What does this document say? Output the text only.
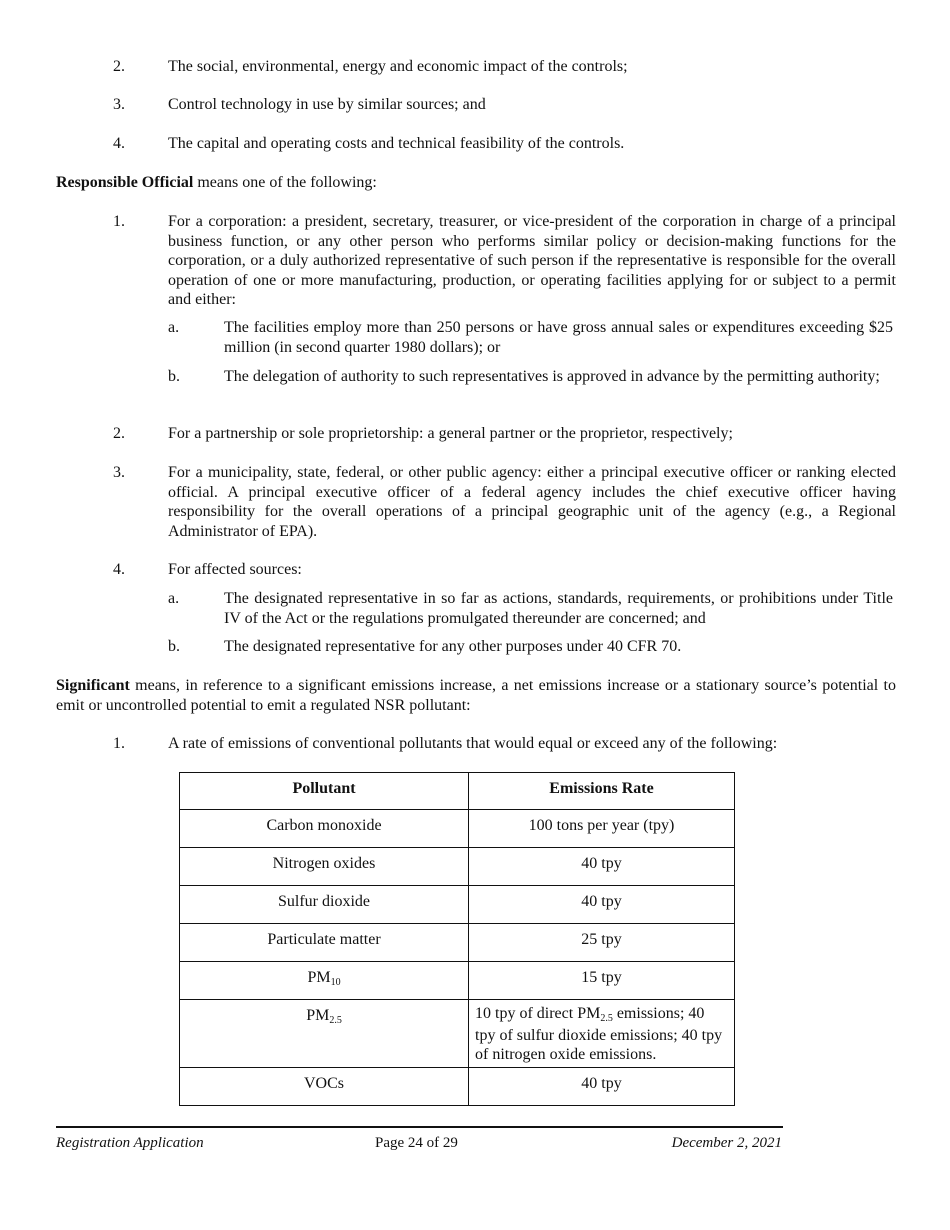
2.	The social, environmental, energy and economic impact of the controls;

3.	Control technology in use by similar sources; and

4.	The capital and operating costs and technical feasibility of the controls.

Responsible Official means one of the following:

1.	For a corporation: a president, secretary, treasurer, or vice-president of the corporation in charge of a principal business function, or any other person who performs similar policy or decision-making functions for the corporation, or a duly authorized representative of such person if the representative is responsible for the overall operation of one or more manufacturing, production, or operating facilities applying for or subject to a permit and either:

a.	The facilities employ more than 250 persons or have gross annual sales or expenditures exceeding $25 million (in second quarter 1980 dollars); or

b.	The delegation of authority to such representatives is approved in advance by the permitting authority;

2.	For a partnership or sole proprietorship: a general partner or the proprietor, respectively;

3.	For a municipality, state, federal, or other public agency: either a principal executive officer or ranking elected official. A principal executive officer of a federal agency includes the chief executive officer having responsibility for the overall operations of a principal geographic unit of the agency (e.g., a Regional Administrator of EPA).

4.	For affected sources:

a.	The designated representative in so far as actions, standards, requirements, or prohibitions under Title IV of the Act or the regulations promulgated thereunder are concerned; and

b.	The designated representative for any other purposes under 40 CFR 70.

Significant means, in reference to a significant emissions increase, a net emissions increase or a stationary source’s potential to emit or uncontrolled potential to emit a regulated NSR pollutant:

1.	A rate of emissions of conventional pollutants that would equal or exceed any of the following:

Pollutant	Emissions Rate
Carbon monoxide	100 tons per year (tpy)
Nitrogen oxides	40 tpy
Sulfur dioxide	40 tpy
Particulate matter	25 tpy
$PM_{10}$	15 tpy
$PM_{2.5}$	10 tpy of direct $PM_{2.5}$ emissions; 40 tpy of sulfur dioxide emissions; 40 tpy of nitrogen oxide emissions.
VOCs	40 tpy
Registration Application	Page 24 of 29	December 2, 2021
